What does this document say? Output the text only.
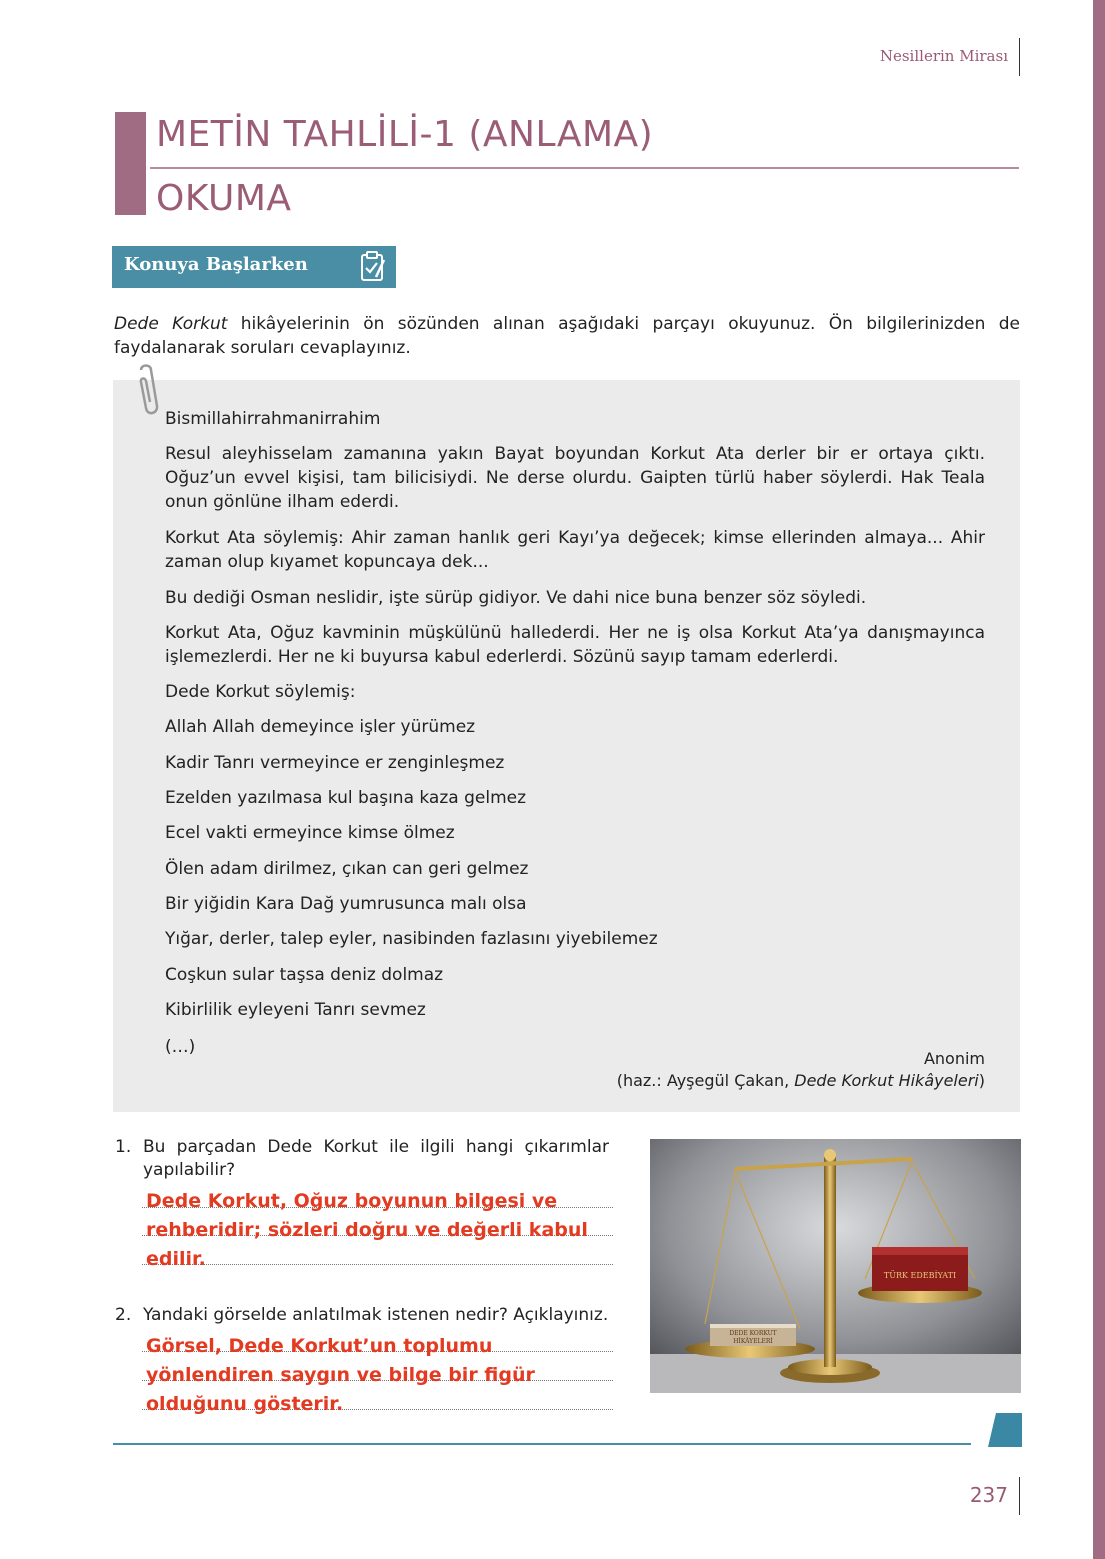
Nesillerin Mirası
METİN TAHLİLİ-1 (ANLAMA)
OKUMA
Konuya Başlarken
Dede Korkut hikâyelerinin ön sözünden alınan aşağıdaki parçayı okuyunuz. Ön bilgilerinizden de faydalanarak soruları cevaplayınız.
Bismillahirrahmanirrahim
Resul aleyhisselam zamanına yakın Bayat boyundan Korkut Ata derler bir er ortaya çıktı. Oğuz’un evvel kişisi, tam bilicisiydi. Ne derse olurdu. Gaipten türlü haber söylerdi. Hak Teala onun gönlüne ilham ederdi.
Korkut Ata söylemiş: Ahir zaman hanlık geri Kayı’ya değecek; kimse ellerinden almaya... Ahir zaman olup kıyamet kopuncaya dek...
Bu dediği Osman neslidir, işte sürüp gidiyor. Ve dahi nice buna benzer söz söyledi.
Korkut Ata, Oğuz kavminin müşkülünü hallederdi. Her ne iş olsa Korkut Ata’ya danışmayınca işlemezlerdi. Her ne ki buyursa kabul ederlerdi. Sözünü sayıp tamam ederlerdi.
Dede Korkut söylemiş:
Allah Allah demeyince işler yürümez
Kadir Tanrı vermeyince er zenginleşmez
Ezelden yazılmasa kul başına kaza gelmez
Ecel vakti ermeyince kimse ölmez
Ölen adam dirilmez, çıkan can geri gelmez
Bir yiğidin Kara Dağ yumrusunca malı olsa
Yığar, derler, talep eyler, nasibinden fazlasını yiyebilemez
Coşkun sular taşsa deniz dolmaz
Kibirlilik eyleyeni Tanrı sevmez
(…)
Anonim
(haz.: Ayşegül Çakan, Dede Korkut Hikâyeleri)
1. Bu parçadan Dede Korkut ile ilgili hangi çıkarımlar yapılabilir?
Dede Korkut, Oğuz boyunun bilgesi ve
rehberidir; sözleri doğru ve değerli kabul
edilir.
2. Yandaki görselde anlatılmak istenen nedir? Açıklayınız.
Görsel, Dede Korkut’un toplumu
yönlendiren saygın ve bilge bir figür
olduğunu gösterir.
DEDE KORKUT
HİKÂYELERİ
TÜRK EDEBİYATI
237
